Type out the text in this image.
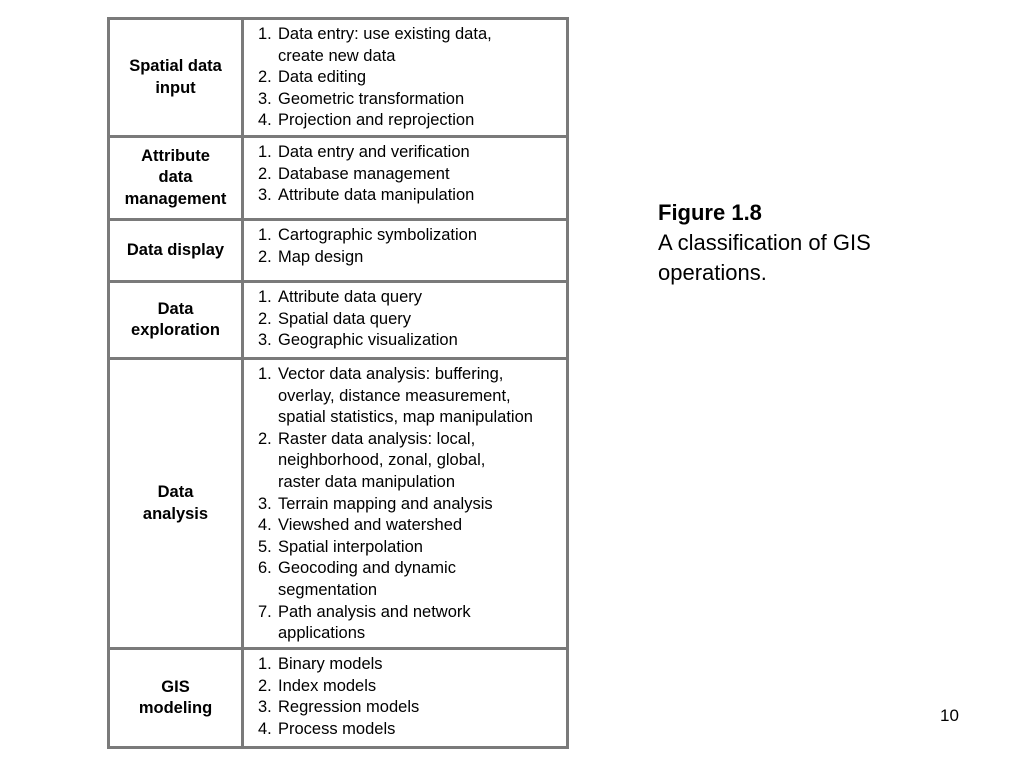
Spatial data
input
1. Data entry: use existing data,
create new data
2. Data editing
3. Geometric transformation
4. Projection and reprojection
Attribute
data
management
1. Data entry and verification
2. Database management
3. Attribute data manipulation
Data display
1. Cartographic symbolization
2. Map design
Data
exploration
1. Attribute data query
2. Spatial data query
3. Geographic visualization
Data
analysis
1. Vector data analysis: buffering,
overlay, distance measurement,
spatial statistics, map manipulation
2. Raster data analysis: local,
neighborhood, zonal, global,
raster data manipulation
3. Terrain mapping and analysis
4. Viewshed and watershed
5. Spatial interpolation
6. Geocoding and dynamic
segmentation
7. Path analysis and network
applications
GIS
modeling
1. Binary models
2. Index models
3. Regression models
4. Process models
Figure 1.8
A classification of GIS
operations.
10
